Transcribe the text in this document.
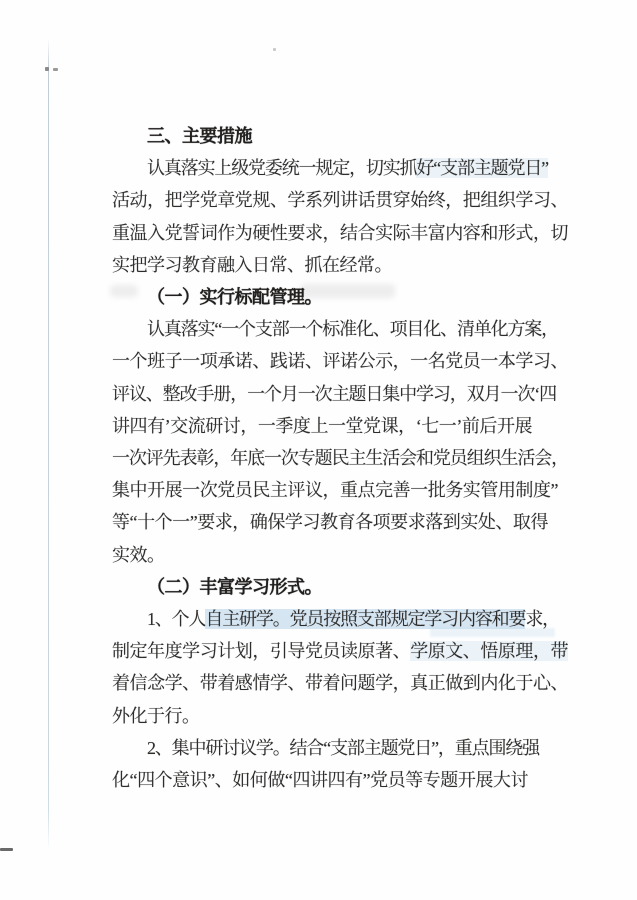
三、主要措施
认真落实上级党委统一规定，切实抓好“支部主题党日”
活动，把学党章党规、学系列讲话贯穿始终，把组织学习、
重温入党誓词作为硬性要求，结合实际丰富内容和形式，切
实把学习教育融入日常、抓在经常。
（一）实行标配管理。
认真落实“一个支部一个标准化、项目化、清单化方案，
一个班子一项承诺、践诺、评诺公示，一名党员一本学习、
评议、整改手册，一个月一次主题日集中学习，双月一次‘四
讲四有’交流研讨，一季度上一堂党课，‘七一’前后开展
一次评先表彰，年底一次专题民主生活会和党员组织生活会，
集中开展一次党员民主评议，重点完善一批务实管用制度”
等“十个一”要求，确保学习教育各项要求落到实处、取得
实效。
（二）丰富学习形式。
1、个人自主研学。党员按照支部规定学习内容和要求，
制定年度学习计划，引导党员读原著、学原文、悟原理，带
着信念学、带着感情学、带着问题学，真正做到内化于心、
外化于行。
2、集中研讨议学。结合“支部主题党日”，重点围绕强
化“四个意识”、如何做“四讲四有”党员等专题开展大讨
